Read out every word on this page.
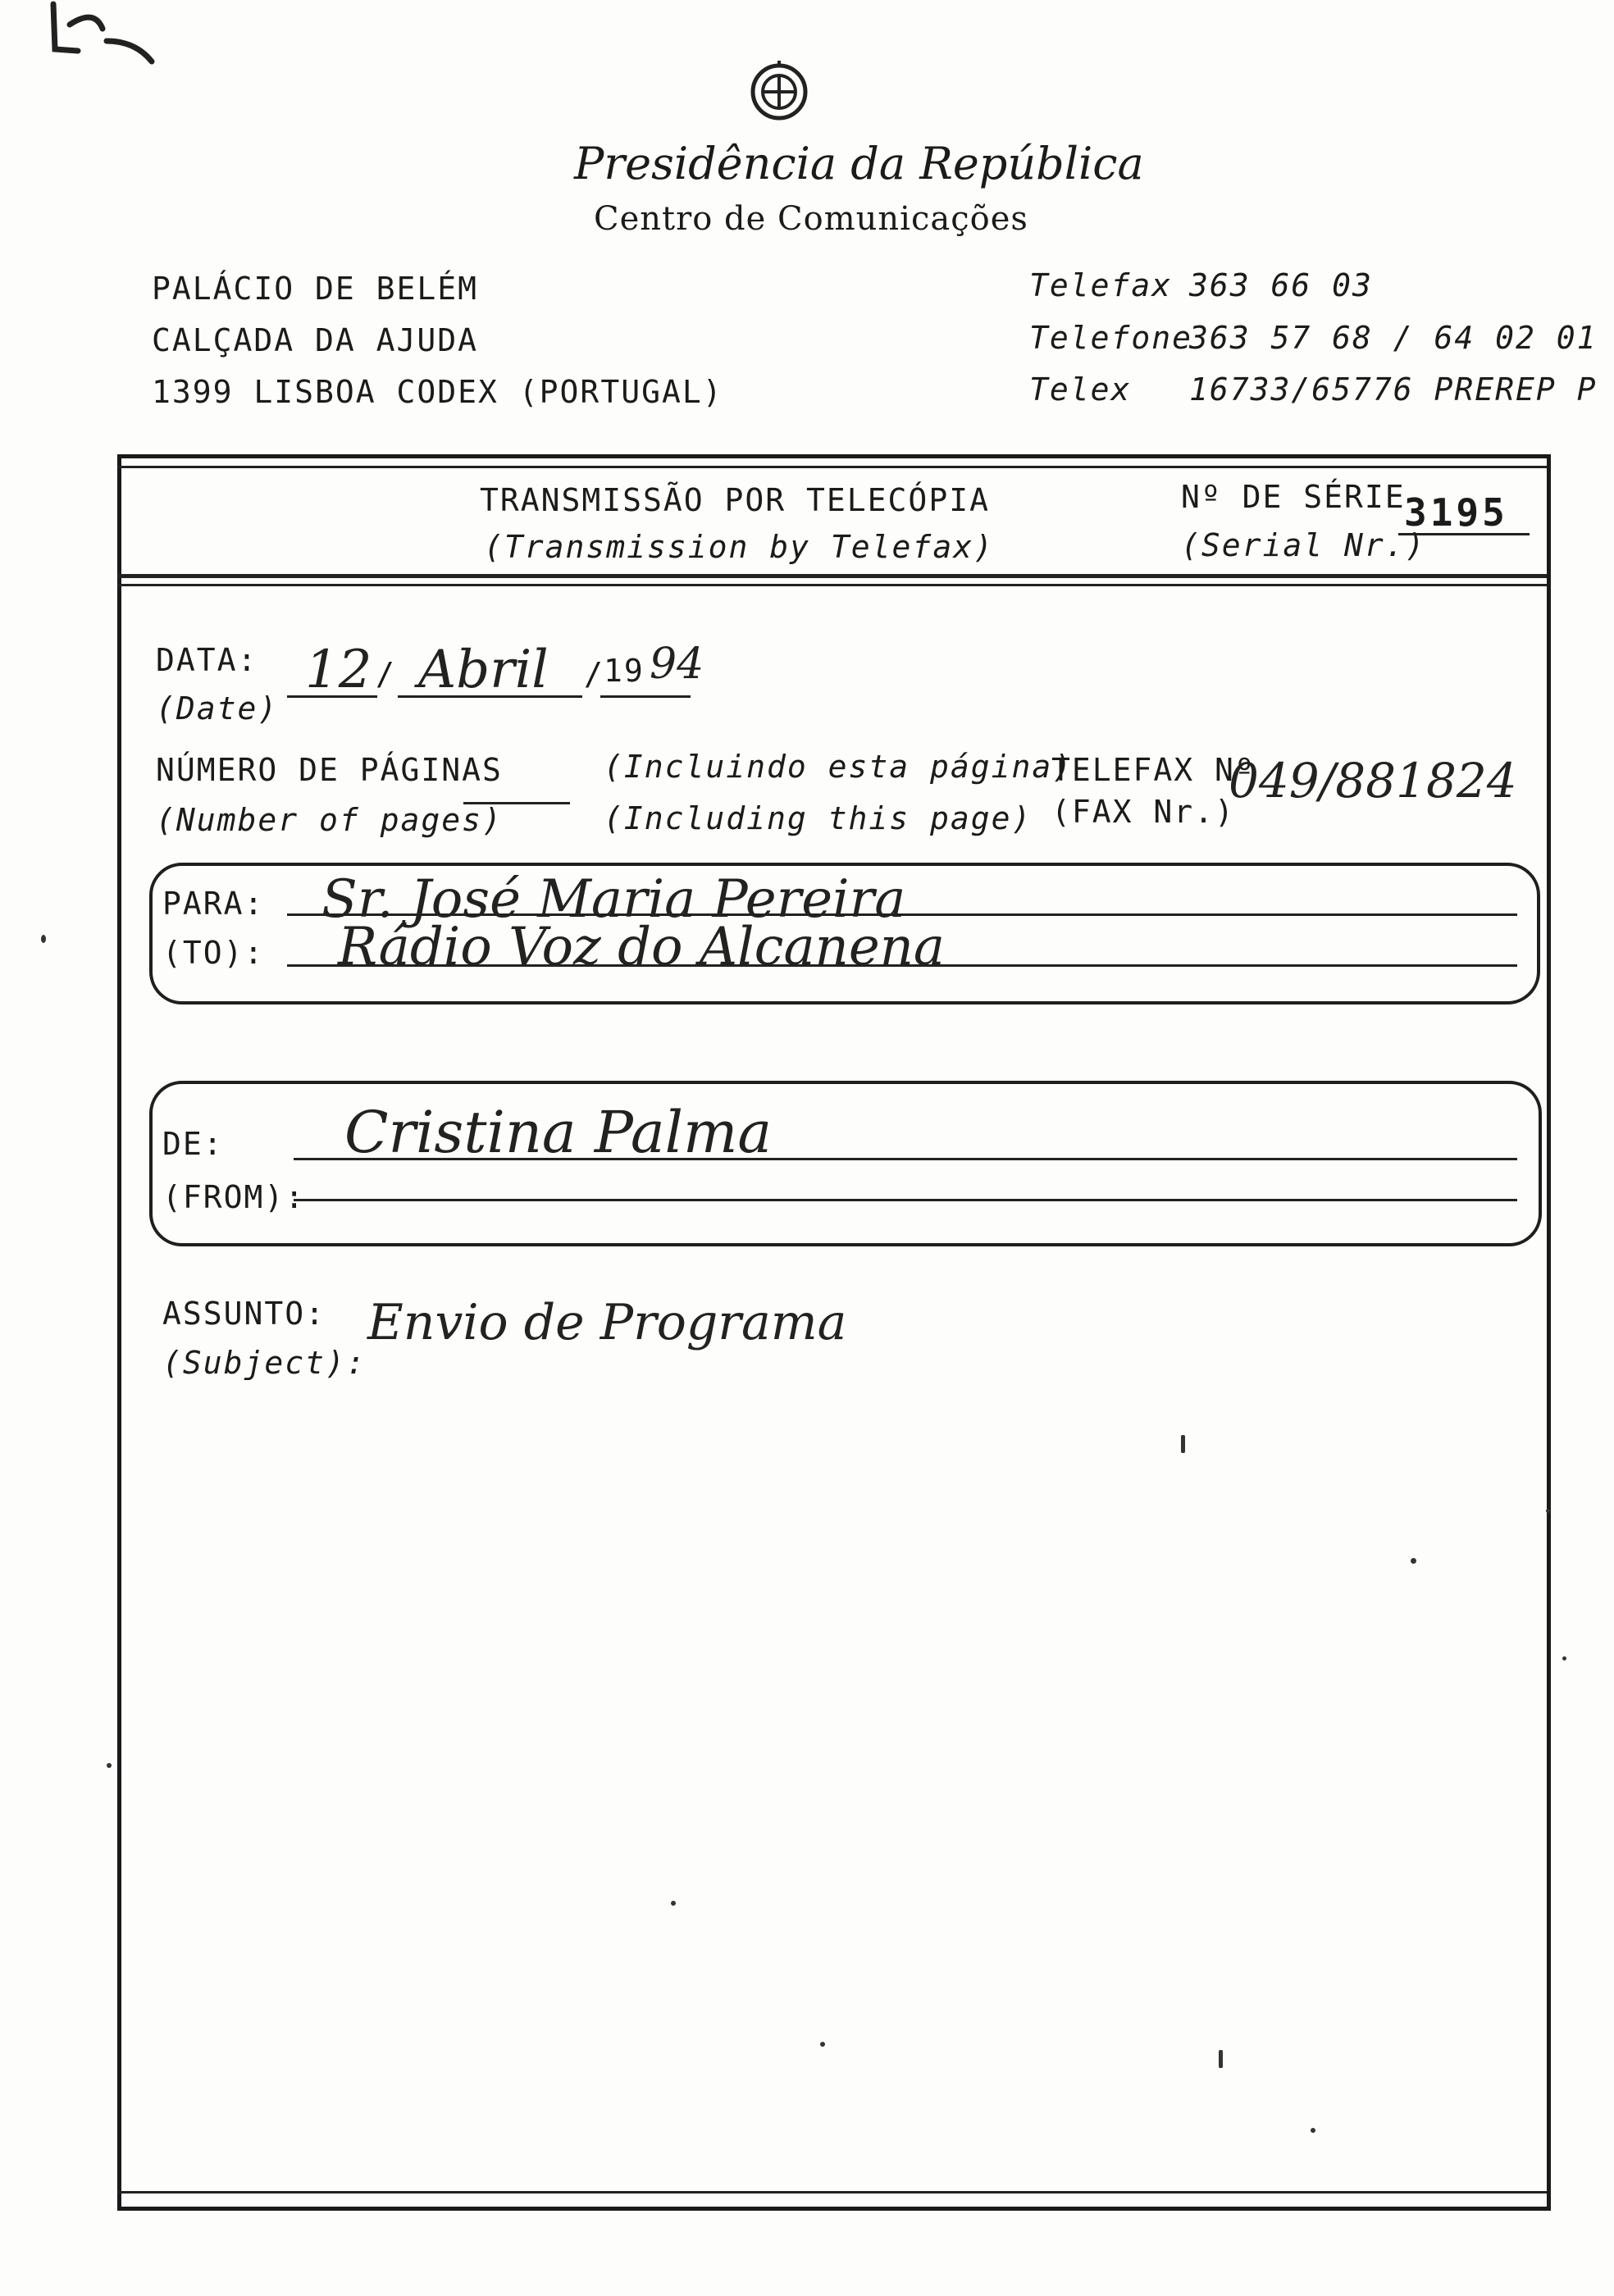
Presidência da República
Centro de Comunicações
PALÁCIO DE BELÉM
CALÇADA DA AJUDA
1399 LISBOA CODEX (PORTUGAL)
Telefax 363 66 03
Telefone
363 57 68 / 64 02 01
Telex 16733/65776 PREREP P
TRANSMISSÃO POR TELECÓPIA
(Transmission by Telefax)
Nº DE SÉRIE
(Serial Nr.)
3195
DATA:
(Date)
12 / Abril / 19 94
NÚMERO DE PÁGINAS
(Number of pages)
(Incluindo esta página)
(Including this page)
TELEFAX Nº
(FAX Nr.)
049/881824
PARA:
(TO):
Sr. José Maria Pereira
Rádio Voz do Alcanena
DE:
(FROM):
Cristina Palma
ASSUNTO:
(Subject):
Envio de Programa
